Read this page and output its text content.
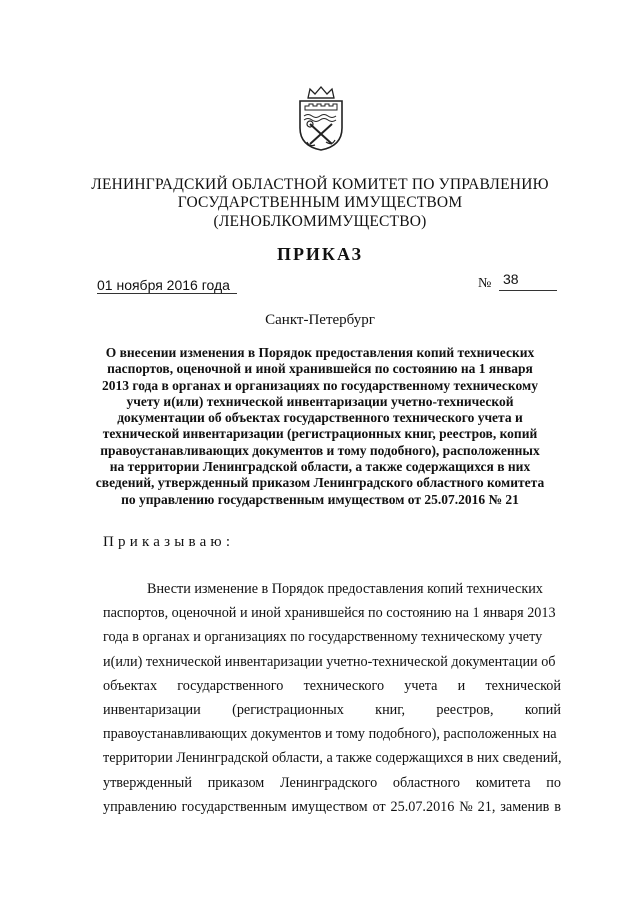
ЛЕНИНГРАДСКИЙ ОБЛАСТНОЙ КОМИТЕТ ПО УПРАВЛЕНИЮ
ГОСУДАРСТВЕННЫМ ИМУЩЕСТВОМ
(ЛЕНОБЛКОМИМУЩЕСТВО)
ПРИКАЗ
01 ноября 2016 года	№ 38
Санкт-Петербург
О внесении изменения в Порядок предоставления копий технических
паспортов, оценочной и иной хранившейся по состоянию на 1 января
2013 года в органах и организациях по государственному техническому
учету и(или) технической инвентаризации учетно-технической
документации об объектах государственного технического учета и
технической инвентаризации (регистрационных книг, реестров, копий
правоустанавливающих документов и тому подобного), расположенных
на территории Ленинградской области, а также содержащихся в них
сведений, утвержденный приказом Ленинградского областного комитета
по управлению государственным имуществом от 25.07.2016 № 21
Приказываю:
Внести изменение в Порядок предоставления копий технических
паспортов, оценочной и иной хранившейся по состоянию на 1 января 2013
года в органах и организациях по государственному техническому учету
и(или) технической инвентаризации учетно-технической документации об
объектах государственного технического учета и технической
инвентаризации (регистрационных книг, реестров, копий
правоустанавливающих документов и тому подобного), расположенных на
территории Ленинградской области, а также содержащихся в них сведений,
утвержденный приказом Ленинградского областного комитета по
управлению государственным имуществом от 25.07.2016 № 21, заменив в
